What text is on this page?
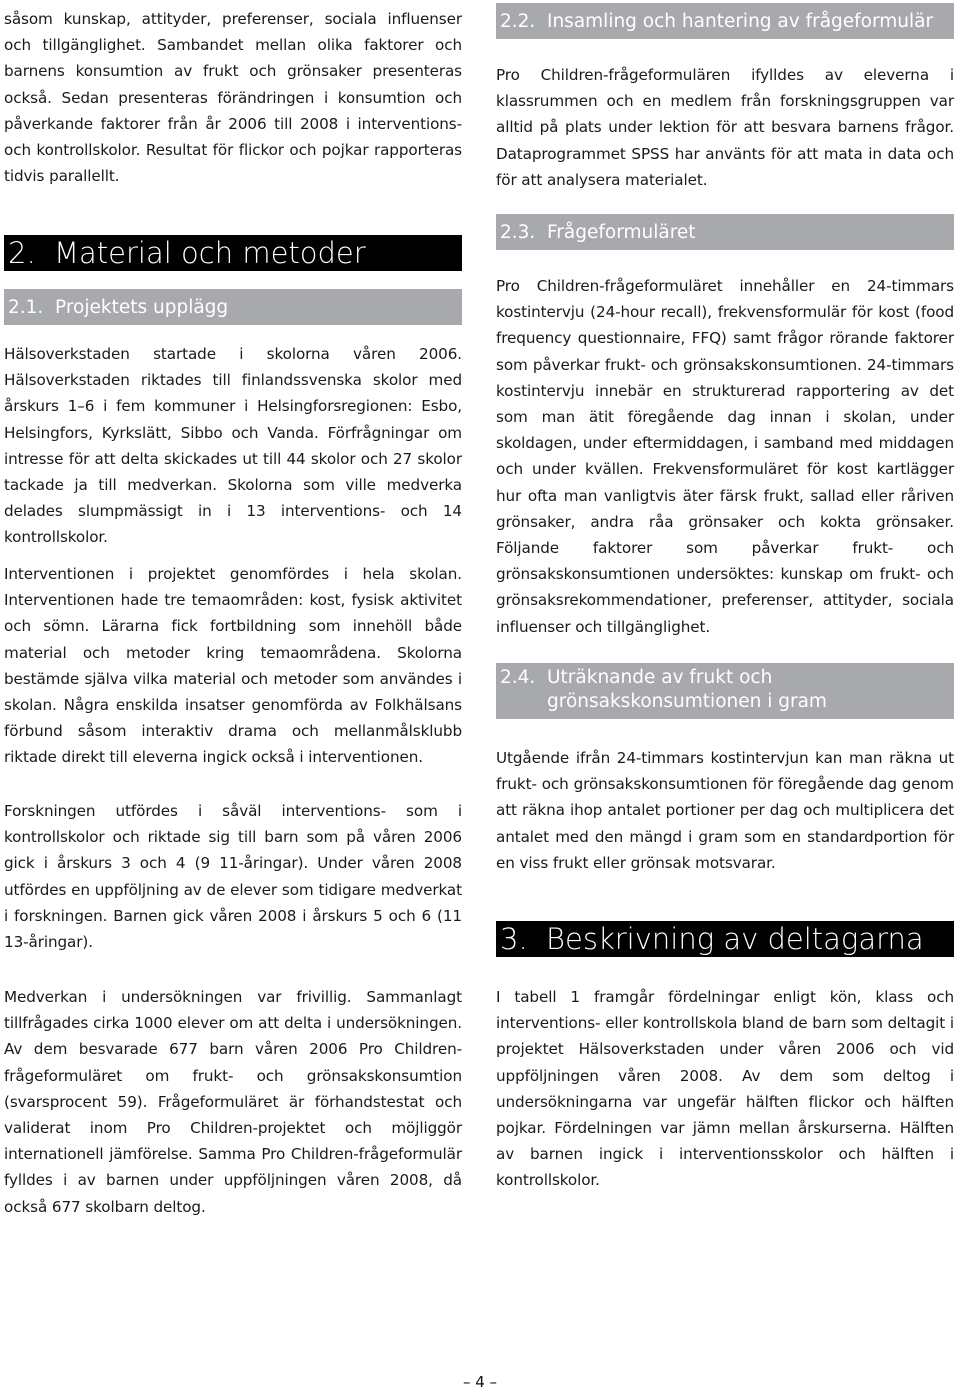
såsom kunskap, attityder, preferenser, sociala influenser och tillgänglighet. Sambandet mellan olika faktorer och barnens konsumtion av frukt och grönsaker presenteras också. Sedan presenteras förändringen i konsumtion och påverkande faktorer från år 2006 till 2008 i interventions- och kontrollskolor. Resultat för flickor och pojkar rapporteras tidvis parallellt.

2. Material och metoder
2.1. Projektets upplägg

Hälsoverkstaden startade i skolorna våren 2006. Hälsoverkstaden riktades till finlandssvenska skolor med årskurs 1–6 i fem kommuner i Helsingforsregionen: Esbo, Helsingfors, Kyrkslätt, Sibbo och Vanda. Förfrågningar om intresse för att delta skickades ut till 44 skolor och 27 skolor tackade ja till medverkan. Skolorna som ville medverka delades slumpmässigt in i 13 interventions- och 14 kontrollskolor.

Interventionen i projektet genomfördes i hela skolan. Interventionen hade tre temaområden: kost, fysisk aktivitet och sömn. Lärarna fick fortbildning som innehöll både material och metoder kring temaområdena. Skolorna bestämde själva vilka material och metoder som användes i skolan. Några enskilda insatser genomförda av Folkhälsans förbund såsom interaktiv drama och mellanmålsklubb riktade direkt till eleverna ingick också i interventionen.

Forskningen utfördes i såväl interventions- som i kontrollskolor och riktade sig till barn som på våren 2006 gick i årskurs 3 och 4 (9 11-åringar). Under våren 2008 utfördes en uppföljning av de elever som tidigare medverkat i forskningen. Barnen gick våren 2008 i årskurs 5 och 6 (11 13-åringar).

Medverkan i undersökningen var frivillig. Sammanlagt tillfrågades cirka 1000 elever om att delta i undersökningen. Av dem besvarade 677 barn våren 2006 Pro Children-frågeformuläret om frukt- och grönsakskonsumtion (svarsprocent 59). Frågeformuläret är förhandstestat och validerat inom Pro Children-projektet och möjliggör internationell jämförelse. Samma Pro Children-frågeformulär fylldes i av barnen under uppföljningen våren 2008, då också 677 skolbarn deltog.

2.2. Insamling och hantering av frågeformulär

Pro Children-frågeformulären ifylldes av eleverna i klassrummen och en medlem från forskningsgruppen var alltid på plats under lektion för att besvara barnens frågor. Dataprogrammet SPSS har använts för att mata in data och för att analysera materialet.

2.3. Frågeformuläret

Pro Children-frågeformuläret innehåller en 24-timmars kostintervju (24-hour recall), frekvensformulär för kost (food frequency questionnaire, FFQ) samt frågor rörande faktorer som påverkar frukt- och grönsakskonsumtionen. 24-timmars kostintervju innebär en strukturerad rapportering av det som man ätit föregående dag innan i skolan, under skoldagen, under eftermiddagen, i samband med middagen och under kvällen. Frekvensformuläret för kost kartlägger hur ofta man vanligtvis äter färsk frukt, sallad eller råriven grönsaker, andra råa grönsaker och kokta grönsaker. Följande faktorer som påverkar frukt- och grönsakskonsumtionen undersöktes: kunskap om frukt- och grönsaksrekommendationer, preferenser, attityder, sociala influenser och tillgänglighet.

2.4. Uträknande av frukt och grönsakskonsumtionen i gram

Utgående ifrån 24-timmars kostintervjun kan man räkna ut frukt- och grönsakskonsumtionen för föregående dag genom att räkna ihop antalet portioner per dag och multiplicera det antalet med den mängd i gram som en standardportion för en viss frukt eller grönsak motsvarar.

3. Beskrivning av deltagarna

I tabell 1 framgår fördelningar enligt kön, klass och interventions- eller kontrollskola bland de barn som deltagit i projektet Hälsoverkstaden under våren 2006 och vid uppföljningen våren 2008. Av dem som deltog i undersökningarna var ungefär hälften flickor och hälften pojkar. Fördelningen var jämn mellan årskurserna. Hälften av barnen ingick i interventionsskolor och hälften i kontrollskolor.

– 4 –
